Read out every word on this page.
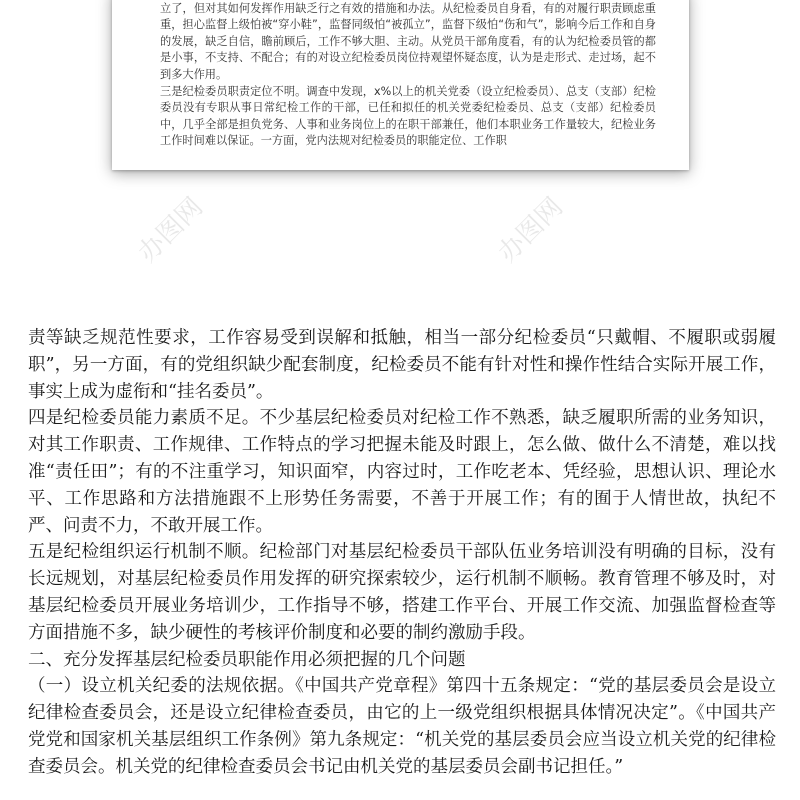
立了，但对其如何发挥作用缺乏行之有效的措施和办法。从纪检委员自身看，有的对履行职责顾虑重重，担心监督上级怕被“穿小鞋”，监督同级怕“被孤立”，监督下级怕“伤和气”，影响今后工作和自身的发展，缺乏自信，瞻前顾后，工作不够大胆、主动。从党员干部角度看，有的认为纪检委员管的都是小事，不支持、不配合；有的对设立纪检委员岗位持观望怀疑态度，认为是走形式、走过场，起不到多大作用。

三是纪检委员职责定位不明。调查中发现，x%以上的机关党委（设立纪检委员）、总支（支部）纪检委员没有专职从事日常纪检工作的干部，已任和拟任的机关党委纪检委员、总支（支部）纪检委员中，几乎全部是担负党务、人事和业务岗位上的在职干部兼任，他们本职业务工作量较大，纪检业务工作时间难以保证。一方面，党内法规对纪检委员的职能定位、工作职

办图网	办图网

责等缺乏规范性要求，工作容易受到误解和抵触，相当一部分纪检委员“只戴帽、不履职或弱履职”，另一方面，有的党组织缺少配套制度，纪检委员不能有针对性和操作性结合实际开展工作，事实上成为虚衔和“挂名委员”。

四是纪检委员能力素质不足。不少基层纪检委员对纪检工作不熟悉，缺乏履职所需的业务知识，对其工作职责、工作规律、工作特点的学习把握未能及时跟上，怎么做、做什么不清楚，难以找准“责任田”；有的不注重学习，知识面窄，内容过时，工作吃老本、凭经验，思想认识、理论水平、工作思路和方法措施跟不上形势任务需要，不善于开展工作；有的囿于人情世故，执纪不严、问责不力，不敢开展工作。

五是纪检组织运行机制不顺。纪检部门对基层纪检委员干部队伍业务培训没有明确的目标，没有长远规划，对基层纪检委员作用发挥的研究探索较少，运行机制不顺畅。教育管理不够及时，对基层纪检委员开展业务培训少，工作指导不够，搭建工作平台、开展工作交流、加强监督检查等方面措施不多，缺少硬性的考核评价制度和必要的制约激励手段。

二、充分发挥基层纪检委员职能作用必须把握的几个问题

（一）设立机关纪委的法规依据。《中国共产党章程》第四十五条规定：“党的基层委员会是设立纪律检查委员会，还是设立纪律检查委员，由它的上一级党组织根据具体情况决定”。《中国共产党党和国家机关基层组织工作条例》第九条规定：“机关党的基层委员会应当设立机关党的纪律检查委员会。机关党的纪律检查委员会书记由机关党的基层委员会副书记担任。”
